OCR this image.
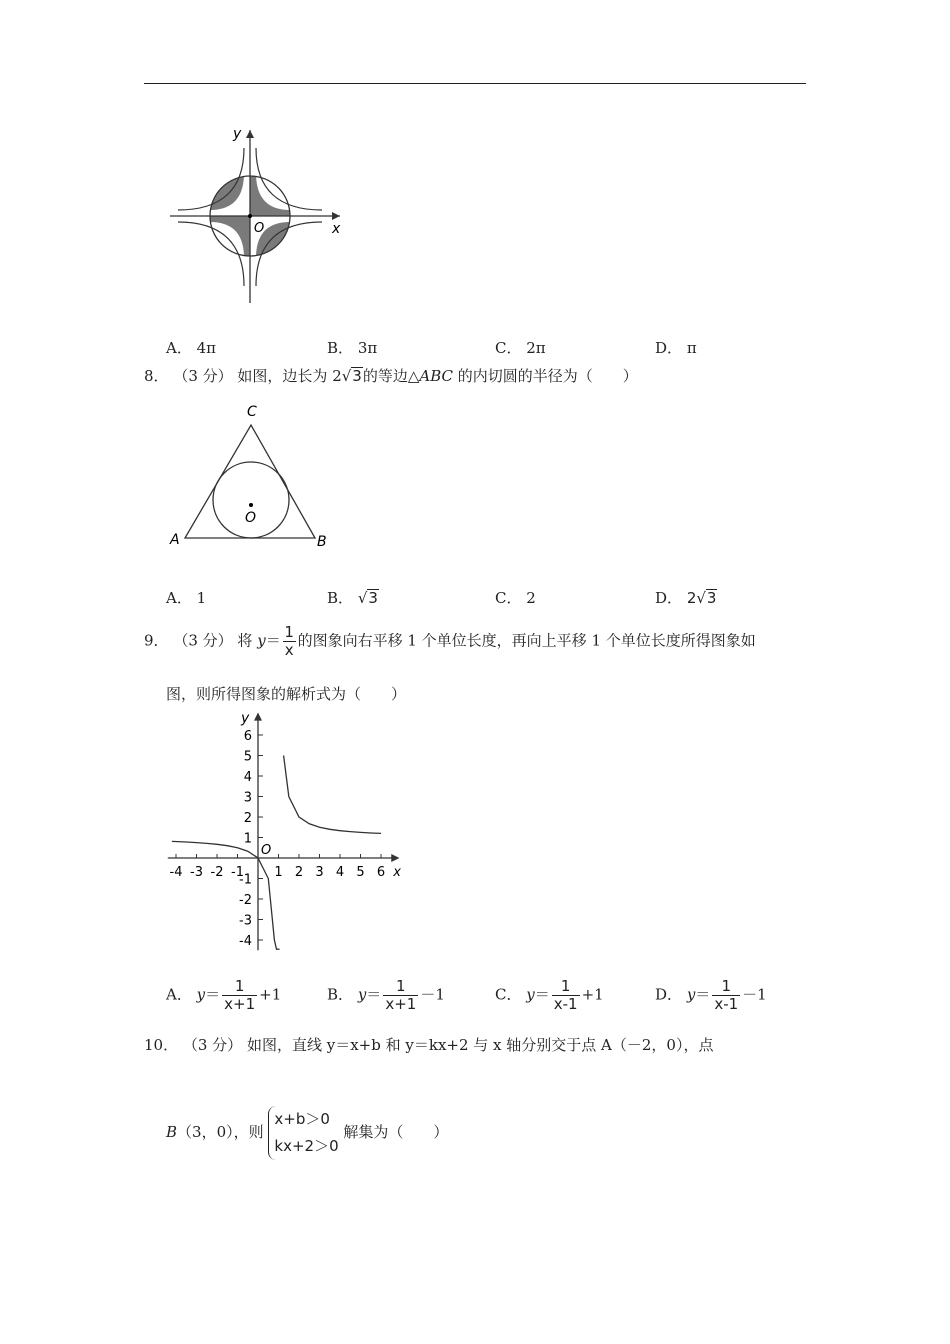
y
x
O
A． 4π	B． 3π	C． 2π	D． π
8． （3 分） 如图，边长为 2√3的等边△ABC 的内切圆的半径为（　　）
C
A	B
O
A． 1	B． √3	C． 2	D． 2√3
9． （3 分） 将 $y= \frac{1}{x}$ 的图象向右平移 1 个单位长度，再向上平移 1 个单位长度所得图象如
图，则所得图象的解析式为（　　）
-4 -3 -2 -1 1 2 3 4 5 6
6
5
4
3
2
1
-1
-2
-3
-4
x
y
O
A． $y= \frac{1}{x+1} +1$	B． $y= \frac{1}{x+1} -1$	C． $y= \frac{1}{x-1} +1$	D． $y= \frac{1}{x-1} -1$
10． （3 分） 如图，直线 y＝x+b 和 y＝kx+2 与 x 轴分别交于点 A（－2，0），点
B（3，0），则
x+b＞0
kx+2＞0
解集为（　　）
